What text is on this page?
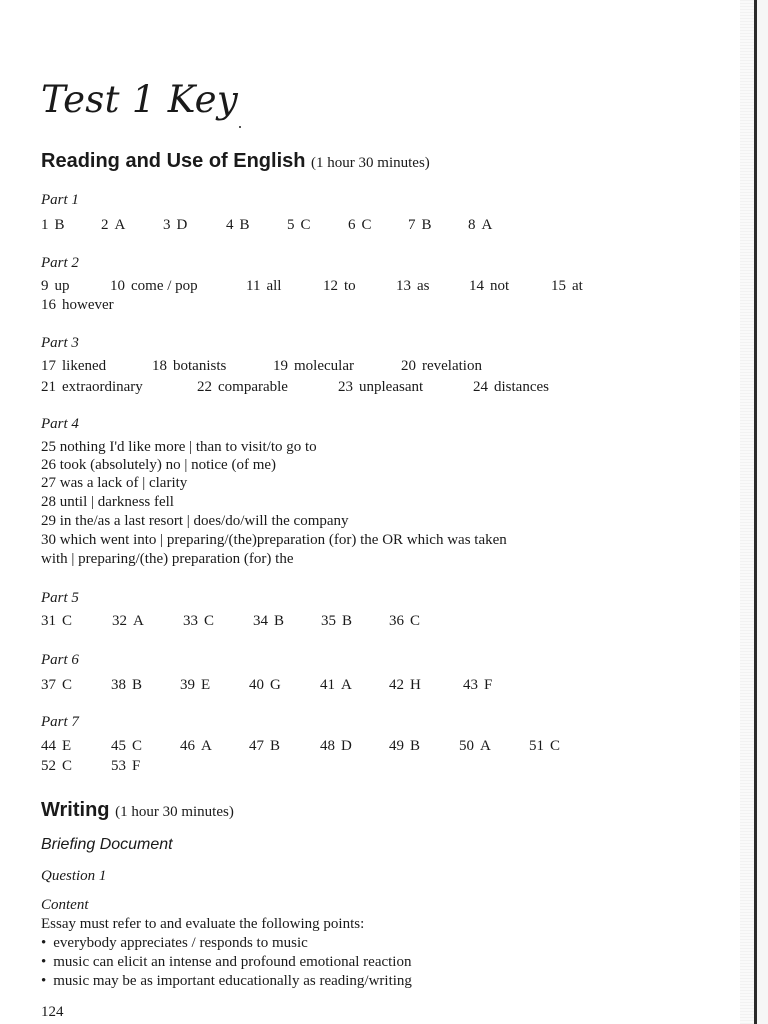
Test 1 Key
Reading and Use of English (1 hour 30 minutes)
Part 1
1 B 2 A	3 D	4 B 5 C 6 C 7 B 8 A
Part 2
9 up	10 come / pop	11 all	12 to	13 as	14 not	15 at
16 however
Part 3
17 likened	18 botanists	19 molecular	20 revelation
21 extraordinary	22 comparable	23 unpleasant	24 distances
Part 4
25 nothing I'd like more | than to visit/to go to
26 took (absolutely) no | notice (of me)
27 was a lack of | clarity
28 until | darkness fell
29 in the/as a last resort | does/do/will the company
30 which went into | preparing/(the)preparation (for) the OR which was taken
with | preparing/(the) preparation (for) the
Part 5
31 C	32 A	33 C	34 B 35 B 36 C
Part 6
37 C	38 B	39 E	40 G	41 A 42 H	43 F
Part 7
44 E	45 C	46 A 47 B	48 D 49 B	50 A	51 C
52 C	53 F
Writing (1 hour 30 minutes)
Briefing Document
Question 1
Content
Essay must refer to and evaluate the following points:
• everybody appreciates / responds to music
• music can elicit an intense and profound emotional reaction
• music may be as important educationally as reading/writing
124
